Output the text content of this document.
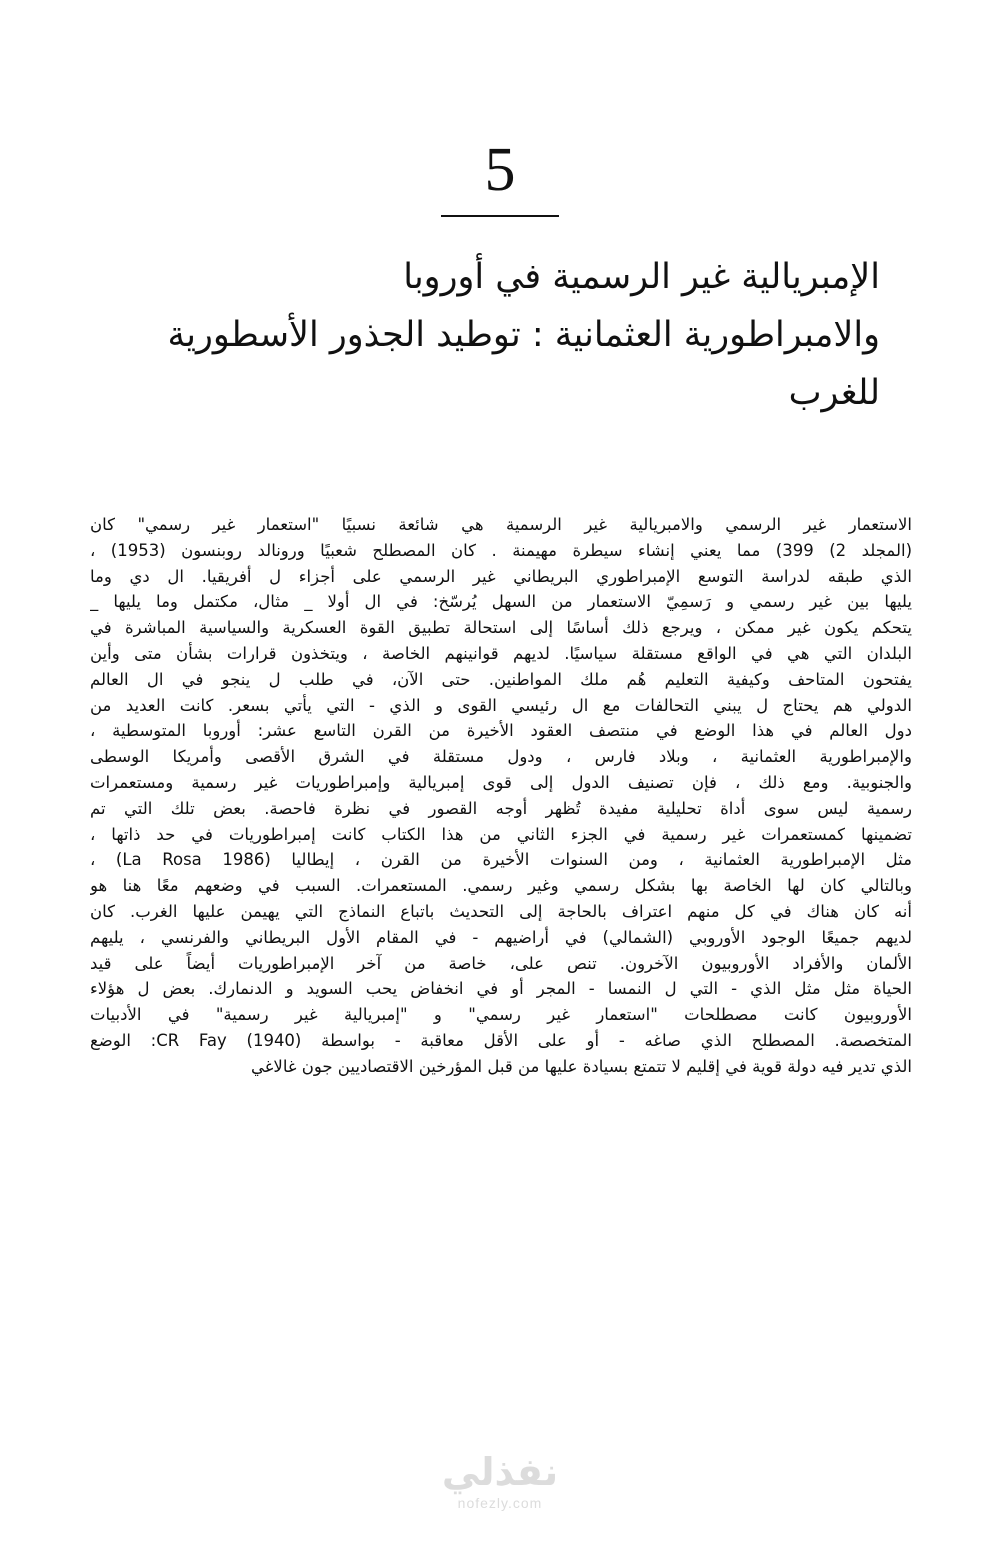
5
الإمبريالية غير الرسمية في أوروبا
والامبراطورية العثمانية : توطيد الجذور الأسطورية
للغرب
الاستعمار غير الرسمي والامبريالية غير الرسمية هي شائعة نسبيًا "استعمار غير رسمي" كان
(المجلد 2) 399) مما يعني إنشاء سيطرة مهيمنة . كان المصطلح شعبيًا ورونالد روبنسون (1953) ،
الذي طبقه لدراسة التوسع الإمبراطوري البريطاني غير الرسمي على أجزاء ل أفريقيا. ال دي وما
يليها بين غير رسمي و رَسمِيّ الاستعمار من السهل يُرسّخ: في ال أولا _ مثال، مكتمل وما يليها _
يتحكم يكون غير ممكن ، ويرجع ذلك أساسًا إلى استحالة تطبيق القوة العسكرية والسياسية المباشرة في
البلدان التي هي في الواقع مستقلة سياسيًا. لديهم قوانينهم الخاصة ، ويتخذون قرارات بشأن متى وأين
يفتحون المتاحف وكيفية التعليم هُم ملك المواطنين. حتى الآن، في طلب ل ينجو في ال العالم
الدولي هم يحتاج ل يبني التحالفات مع ال رئيسي القوى و الذي - التي يأتي بسعر. كانت العديد من
دول العالم في هذا الوضع في منتصف العقود الأخيرة من القرن التاسع عشر: أوروبا المتوسطية ،
والإمبراطورية العثمانية ، وبلاد فارس ، ودول مستقلة في الشرق الأقصى وأمريكا الوسطى
والجنوبية. ومع ذلك ، فإن تصنيف الدول إلى قوى إمبريالية وإمبراطوريات غير رسمية ومستعمرات
رسمية ليس سوى أداة تحليلية مفيدة تُظهر أوجه القصور في نظرة فاحصة. بعض تلك التي تم
تضمينها كمستعمرات غير رسمية في الجزء الثاني من هذا الكتاب كانت إمبراطوريات في حد ذاتها ،
مثل الإمبراطورية العثمانية ، ومن السنوات الأخيرة من القرن ، إيطاليا (La Rosa 1986) ،
وبالتالي كان لها الخاصة بها بشكل رسمي وغير رسمي. المستعمرات. السبب في وضعهم معًا هنا هو
أنه كان هناك في كل منهم اعتراف بالحاجة إلى التحديث باتباع النماذج التي يهيمن عليها الغرب. كان
لديهم جميعًا الوجود الأوروبي (الشمالي) في أراضيهم - في المقام الأول البريطاني والفرنسي ، يليهم
الألمان والأفراد الأوروبيون الآخرون. تنص على، خاصة من آخر الإمبراطوريات أيضاً على قيد
الحياة مثل مثل الذي - التي ل النمسا - المجر أو في انخفاض يحب السويد و الدنمارك. بعض ل هؤلاء
الأوروبيون كانت مصطلحات "استعمار غير رسمي" و "إمبريالية غير رسمية" في الأدبيات
المتخصصة. المصطلح الذي صاغه - أو على الأقل معاقبة - بواسطة CR Fay (1940): الوضع
الذي تدير فيه دولة قوية في إقليم لا تتمتع بسيادة عليها من قبل المؤرخين الاقتصاديين جون غالاغي
نفذلي
nofezly.com
